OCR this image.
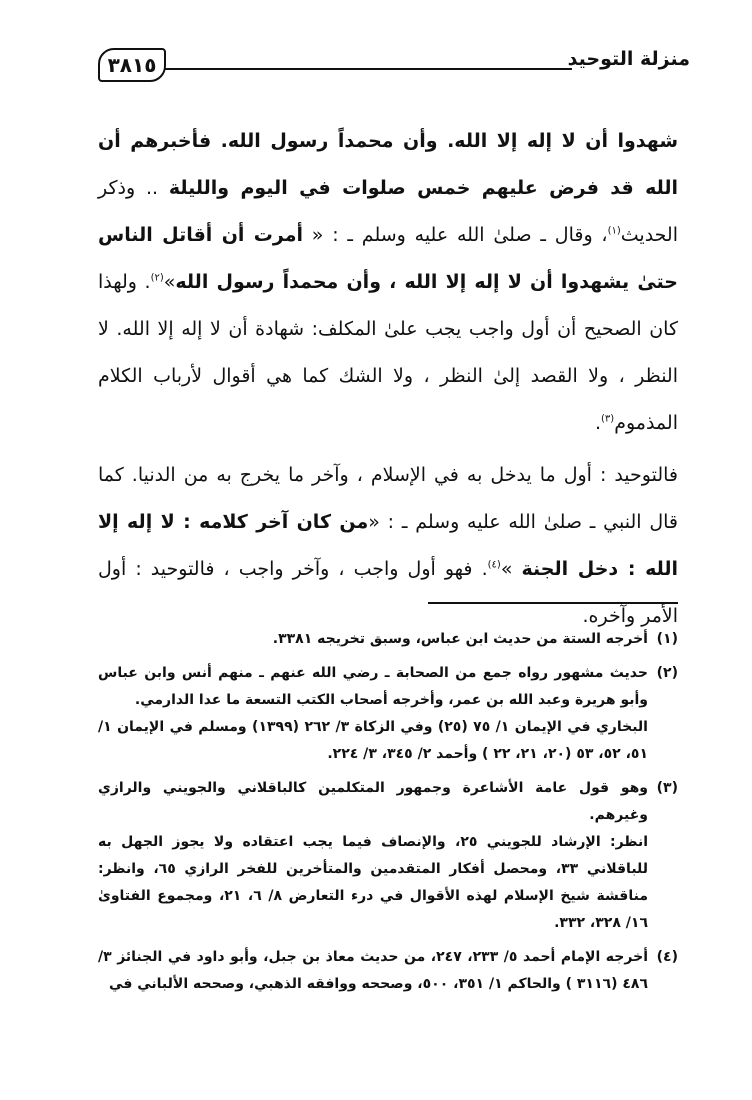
منزلة التوحيد
٣٨١٥

شهدوا أن لا إله إلا الله. وأن محمداً رسول الله. فأخبرهم أن الله قد فرض عليهم خمس صلوات في اليوم والليلة .. وذكر الحديث$^{(١)}$، وقال ـ صلىٰ الله عليه وسلم ـ : « أمرت أن أقاتل الناس حتىٰ يشهدوا أن لا إله إلا الله ، وأن محمداً رسول الله»$^{(٢)}$. ولهذا كان الصحيح أن أول واجب يجب علىٰ المكلف: شهادة أن لا إله إلا الله. لا النظر ، ولا القصد إلىٰ النظر ، ولا الشك كما هي أقوال لأرباب الكلام المذموم$^{(٣)}$.

فالتوحيد : أول ما يدخل به في الإسلام ، وآخر ما يخرج به من الدنيا. كما قال النبي ـ صلىٰ الله عليه وسلم ـ : «من كان آخر كلامه : لا إله إلا الله : دخل الجنة »$^{(٤)}$. فهو أول واجب ، وآخر واجب ، فالتوحيد : أول الأمر وآخره.

(١)
أخرجه الستة من حديث ابن عباس، وسبق تخريجه ٣٣٨١.
(٢)
حديث مشهور رواه جمع من الصحابة ـ رضي الله عنهم ـ منهم أنس وابن عباس وأبو هريرة وعبد الله بن عمر، وأخرجه أصحاب الكتب التسعة ما عدا الدارمي.
البخاري في الإيمان ١/ ٧٥ (٢٥) وفي الزكاة ٣/ ٢٦٢ (١٣٩٩) ومسلم في الإيمان ١/ ٥١، ٥٢، ٥٣ (٢٠، ٢١، ٢٢ ) وأحمد ٢/ ٣٤٥، ٣/ ٢٢٤.
(٣)
وهو قول عامة الأشاعرة وجمهور المتكلمين كالباقلاني والجويني والرازي وغيرهم.
انظر: الإرشاد للجويني ٢٥، والإنصاف فيما يجب اعتقاده ولا يجوز الجهل به للباقلاني ٣٣، ومحصل أفكار المتقدمين والمتأخرين للفخر الرازي ٦٥، وانظر: مناقشة شيخ الإسلام لهذه الأقوال في درء التعارض ٨/ ٦، ٢١، ومجموع الفتاوىٰ ١٦/ ٣٢٨، ٣٣٢.
(٤)
أخرجه الإمام أحمد ٥/ ٢٣٣، ٢٤٧، من حديث معاذ بن جبل، وأبو داود في الجنائز ٣/ ٤٨٦ (٣١١٦ ) والحاكم ١/ ٣٥١، ٥٠٠، وصححه ووافقه الذهبي، وصححه الألباني في
